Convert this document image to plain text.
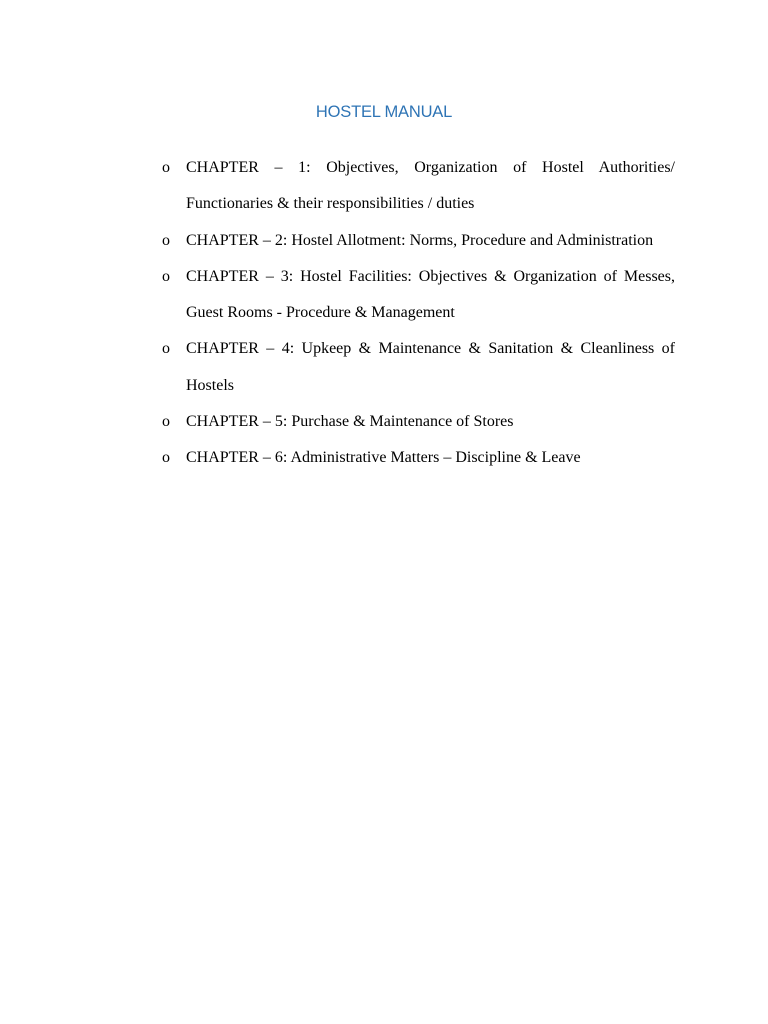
HOSTEL MANUAL
o CHAPTER – 1: Objectives, Organization of Hostel Authorities/ Functionaries & their responsibilities / duties
o CHAPTER – 2: Hostel Allotment: Norms, Procedure and Administration
o CHAPTER – 3: Hostel Facilities: Objectives & Organization of Messes, Guest Rooms - Procedure & Management
o CHAPTER – 4: Upkeep & Maintenance & Sanitation & Cleanliness of Hostels
o CHAPTER – 5: Purchase & Maintenance of Stores
o CHAPTER – 6: Administrative Matters – Discipline & Leave
